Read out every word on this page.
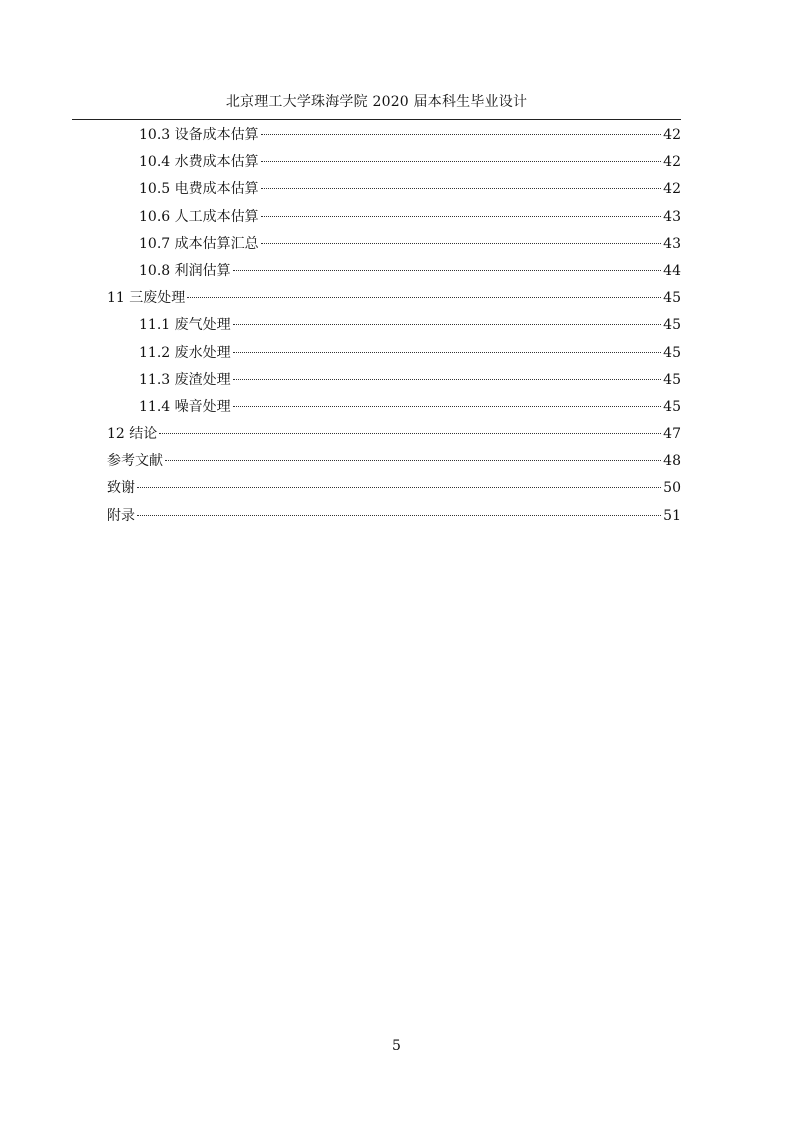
北京理工大学珠海学院 2020 届本科生毕业设计
10.3 设备成本估算	42
10.4 水费成本估算	42
10.5 电费成本估算	42
10.6 人工成本估算	43
10.7 成本估算汇总	43
10.8 利润估算	44
11 三废处理	45
11.1 废气处理	45
11.2 废水处理	45
11.3 废渣处理	45
11.4 噪音处理	45
12 结论	47
参考文献	48
致谢	50
附录	51
5
